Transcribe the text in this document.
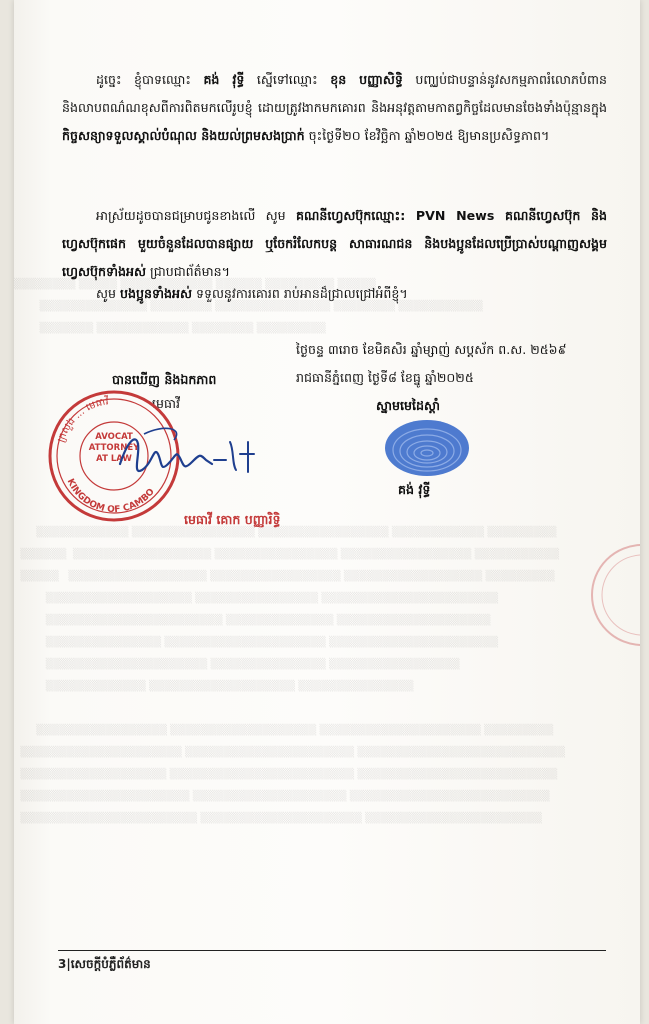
▒▒▒▒▒▒▒▒ ▒▒▒▒▒ ▒▒▒▒▒▒▒▒▒▒▒▒ ▒▒▒▒▒▒ ▒▒▒▒▒▒▒▒▒ ▒▒▒▒▒
▒▒▒▒▒▒▒▒▒▒▒▒▒▒ ▒▒▒▒▒▒▒▒ ▒▒▒▒▒▒▒▒▒▒▒▒▒▒▒ ▒▒▒▒▒▒▒▒ ▒▒▒▒▒▒▒▒▒▒▒
▒▒▒▒▒▒▒ ▒▒▒▒▒▒▒▒▒▒▒▒ ▒▒▒▒▒▒▒▒ ▒▒▒▒▒▒▒▒▒

▒▒▒▒▒▒▒▒▒▒▒▒ ▒▒▒▒▒▒▒▒▒▒▒▒▒▒▒▒ ▒▒▒▒▒▒▒▒▒▒▒▒▒▒▒▒▒ ▒▒▒▒▒▒▒▒▒▒▒▒ ▒▒▒▒▒▒▒▒▒
▒▒▒▒▒▒  ▒▒▒▒▒▒▒▒▒▒▒▒▒▒▒▒▒▒ ▒▒▒▒▒▒▒▒▒▒▒▒▒▒▒▒ ▒▒▒▒▒▒▒▒▒▒▒▒▒▒▒▒▒ ▒▒▒▒▒▒▒▒▒▒▒
▒▒▒▒▒   ▒▒▒▒▒▒▒▒▒▒▒▒▒▒▒▒▒▒ ▒▒▒▒▒▒▒▒▒▒▒▒▒▒▒▒▒ ▒▒▒▒▒▒▒▒▒▒▒▒▒▒▒▒▒▒ ▒▒▒▒▒▒▒▒▒
▒▒▒▒▒▒▒▒▒▒▒▒▒▒▒▒▒▒▒ ▒▒▒▒▒▒▒▒▒▒▒▒▒▒▒▒ ▒▒▒▒▒▒▒▒▒▒▒▒▒▒▒▒▒▒▒▒▒▒▒
▒▒▒▒▒▒▒▒▒▒▒▒▒▒▒▒▒▒▒▒▒▒▒ ▒▒▒▒▒▒▒▒▒▒▒▒▒▒ ▒▒▒▒▒▒▒▒▒▒▒▒▒▒▒▒▒▒▒▒
▒▒▒▒▒▒▒▒▒▒▒▒▒▒▒ ▒▒▒▒▒▒▒▒▒▒▒▒▒▒▒▒▒▒▒▒▒ ▒▒▒▒▒▒▒▒▒▒▒▒▒▒▒▒▒▒▒▒▒▒
▒▒▒▒▒▒▒▒▒▒▒▒▒▒▒▒▒▒▒▒▒ ▒▒▒▒▒▒▒▒▒▒▒▒▒▒▒ ▒▒▒▒▒▒▒▒▒▒▒▒▒▒▒▒▒
▒▒▒▒▒▒▒▒▒▒▒▒▒ ▒▒▒▒▒▒▒▒▒▒▒▒▒▒▒▒▒▒▒ ▒▒▒▒▒▒▒▒▒▒▒▒▒▒▒

▒▒▒▒▒▒▒▒▒▒▒▒▒▒▒▒▒ ▒▒▒▒▒▒▒▒▒▒▒▒▒▒▒▒▒▒▒ ▒▒▒▒▒▒▒▒▒▒▒▒▒▒▒▒▒▒▒▒▒ ▒▒▒▒▒▒▒▒▒
▒▒▒▒▒▒▒▒▒▒▒▒▒▒▒▒▒▒▒▒▒ ▒▒▒▒▒▒▒▒▒▒▒▒▒▒▒▒▒▒▒▒▒▒ ▒▒▒▒▒▒▒▒▒▒▒▒▒▒▒▒▒▒▒▒▒▒▒▒▒▒▒
▒▒▒▒▒▒▒▒▒▒▒▒▒▒▒▒▒▒▒ ▒▒▒▒▒▒▒▒▒▒▒▒▒▒▒▒▒▒▒▒▒▒▒▒ ▒▒▒▒▒▒▒▒▒▒▒▒▒▒▒▒▒▒▒▒▒▒▒▒▒▒
▒▒▒▒▒▒▒▒▒▒▒▒▒▒▒▒▒▒▒▒▒▒ ▒▒▒▒▒▒▒▒▒▒▒▒▒▒▒▒▒▒▒▒ ▒▒▒▒▒▒▒▒▒▒▒▒▒▒▒▒▒▒▒▒▒▒▒▒▒▒
▒▒▒▒▒▒▒▒▒▒▒▒▒▒▒▒▒▒▒▒▒▒▒ ▒▒▒▒▒▒▒▒▒▒▒▒▒▒▒▒▒▒▒▒▒ ▒▒▒▒▒▒▒▒▒▒▒▒▒▒▒▒▒▒▒▒▒▒▒
ដូច្នេះ ខ្ញុំបាទឈ្មោះ គង់ វុទ្ធី ស្នើទៅឈ្មោះ ខុន បញ្ញាសិទ្ធិ បញ្ឈប់ជាបន្ទាន់នូវសកម្មភាពរំលោភបំពាន និងលាបពណ៌ណខុសពីការពិតមកលើរូបខ្ញុំ ដោយត្រូវងាកមកគោរព និងអនុវត្តតាមកាតព្វកិច្ចដែលមានចែងទាំងប៉ុន្មានក្នុង កិច្ចសន្យាទទួលស្គាល់បំណុល និងយល់ព្រមសងប្រាក់ ចុះថ្ងៃទី២០ ខែវិច្ឆិកា ឆ្នាំ២០២៥ ឱ្យមានប្រសិទ្ធភាព។
អាស្រ័យដូចបានជម្រាបជូនខាងលើ សូម គណនីហ្វេសប៊ុកឈ្មោះ: PVN News គណនីហ្វេសប៊ុក និងហ្វេសប៊ុកផេក មួយចំនួនដែលបានផ្សាយ ឬចែករំលែកបន្ត សាធារណជន និងបងប្អូនដែលប្រើប្រាស់បណ្ដាញសង្គមហ្វេសប៊ុកទាំងអស់ ជ្រាបជាព័ត៌មាន។
សូម បងប្អូនទាំងអស់ ទទួលនូវការគោរព រាប់អានដ៏ជ្រាលជ្រៅអំពីខ្ញុំ។
ថ្ងៃចន្ទ ៣រោច ខែមិគសិរ ឆ្នាំម្សាញ់ សប្តស័ក ព.ស. ២៥៦៩
រាជធានីភ្នំពេញ ថ្ងៃទី៨ ខែធ្នូ ឆ្នាំ២០២៥
បានឃើញ និងឯកភាព
មេធាវី	ស្នាមមេដៃស្ដាំ
ក្រសួង ... មេធាវី
KINGDOM OF CAMBO
AVOCAT ATTORNEY AT LAW
គង់ វុទ្ធី
មេធាវី គោក បញ្ញារិទ្ធិ
3|សេចក្តីបំភ្លឺព័ត៌មាន
